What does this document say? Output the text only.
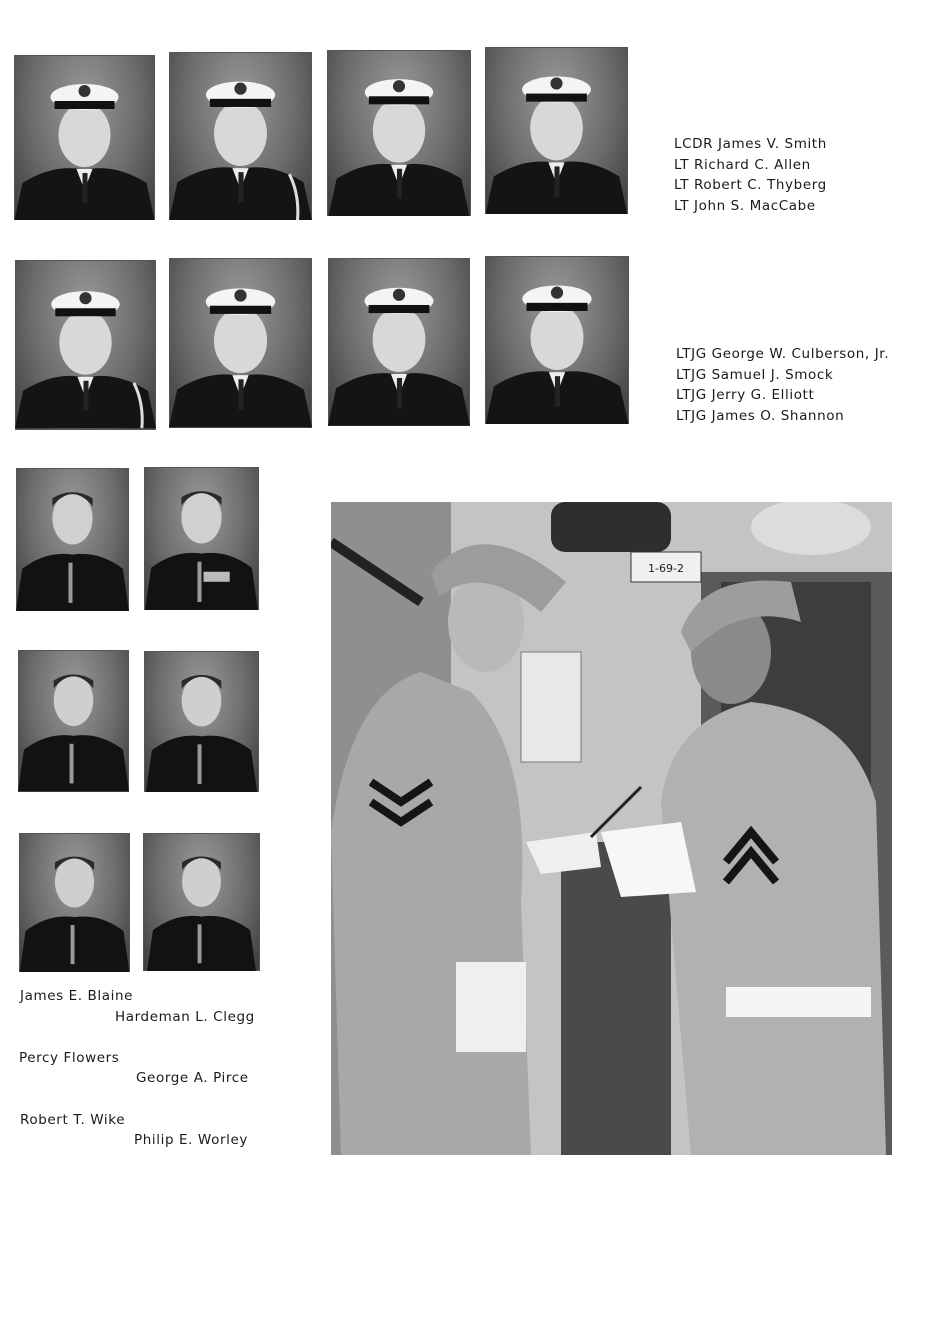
LCDR James V. Smith
LT Richard C. Allen
LT Robert C. Thyberg
LT John S. MacCabe
LTJG George W. Culberson, Jr.
LTJG Samuel J. Smock
LTJG Jerry G. Elliott
LTJG James O. Shannon
James E. Blaine
Hardeman L. Clegg
Percy Flowers
George A. Pirce
Robert T. Wike
Philip E. Worley
1-69-2
